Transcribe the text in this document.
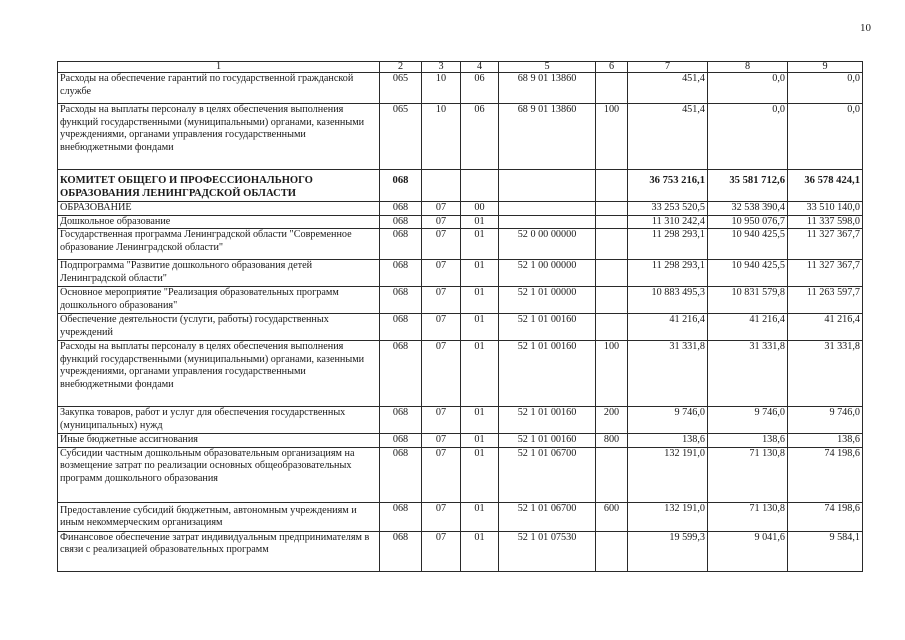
10
1	2	3	4	5	6	7	8	9
Расходы на обеспечение гарантий по государственной гражданской службе	065	10	06	68 9 01 13860		451,4	0,0	0,0
Расходы на выплаты персоналу в целях обеспечения выполнения функций государственными (муниципальными) органами, казенными учреждениями, органами управления государственными внебюджетными фондами	065	10	06	68 9 01 13860	100	451,4	0,0	0,0
КОМИТЕТ ОБЩЕГО И ПРОФЕССИОНАЛЬНОГО ОБРАЗОВАНИЯ ЛЕНИНГРАДСКОЙ ОБЛАСТИ	068					36 753 216,1	35 581 712,6	36 578 424,1
ОБРАЗОВАНИЕ	068	07	00			33 253 520,5	32 538 390,4	33 510 140,0
Дошкольное образование	068	07	01			11 310 242,4	10 950 076,7	11 337 598,0
Государственная программа Ленинградской области "Современное образование Ленинградской области"	068	07	01	52 0 00 00000		11 298 293,1	10 940 425,5	11 327 367,7
Подпрограмма "Развитие дошкольного образования детей Ленинградской области"	068	07	01	52 1 00 00000		11 298 293,1	10 940 425,5	11 327 367,7
Основное мероприятие "Реализация образовательных программ дошкольного образования"	068	07	01	52 1 01 00000		10 883 495,3	10 831 579,8	11 263 597,7
Обеспечение деятельности (услуги, работы) государственных учреждений	068	07	01	52 1 01 00160		41 216,4	41 216,4	41 216,4
Расходы на выплаты персоналу в целях обеспечения выполнения функций государственными (муниципальными) органами, казенными учреждениями, органами управления государственными внебюджетными фондами	068	07	01	52 1 01 00160	100	31 331,8	31 331,8	31 331,8
Закупка товаров, работ и услуг для обеспечения государственных (муниципальных) нужд	068	07	01	52 1 01 00160	200	9 746,0	9 746,0	9 746,0
Иные бюджетные ассигнования	068	07	01	52 1 01 00160	800	138,6	138,6	138,6
Субсидии частным дошкольным образовательным организациям на возмещение затрат по реализации основных общеобразовательных программ дошкольного образования	068	07	01	52 1 01 06700		132 191,0	71 130,8	74 198,6
Предоставление субсидий бюджетным, автономным учреждениям и иным некоммерческим организациям	068	07	01	52 1 01 06700	600	132 191,0	71 130,8	74 198,6
Финансовое обеспечение затрат индивидуальным предпринимателям в связи с реализацией образовательных программ	068	07	01	52 1 01 07530		19 599,3	9 041,6	9 584,1
